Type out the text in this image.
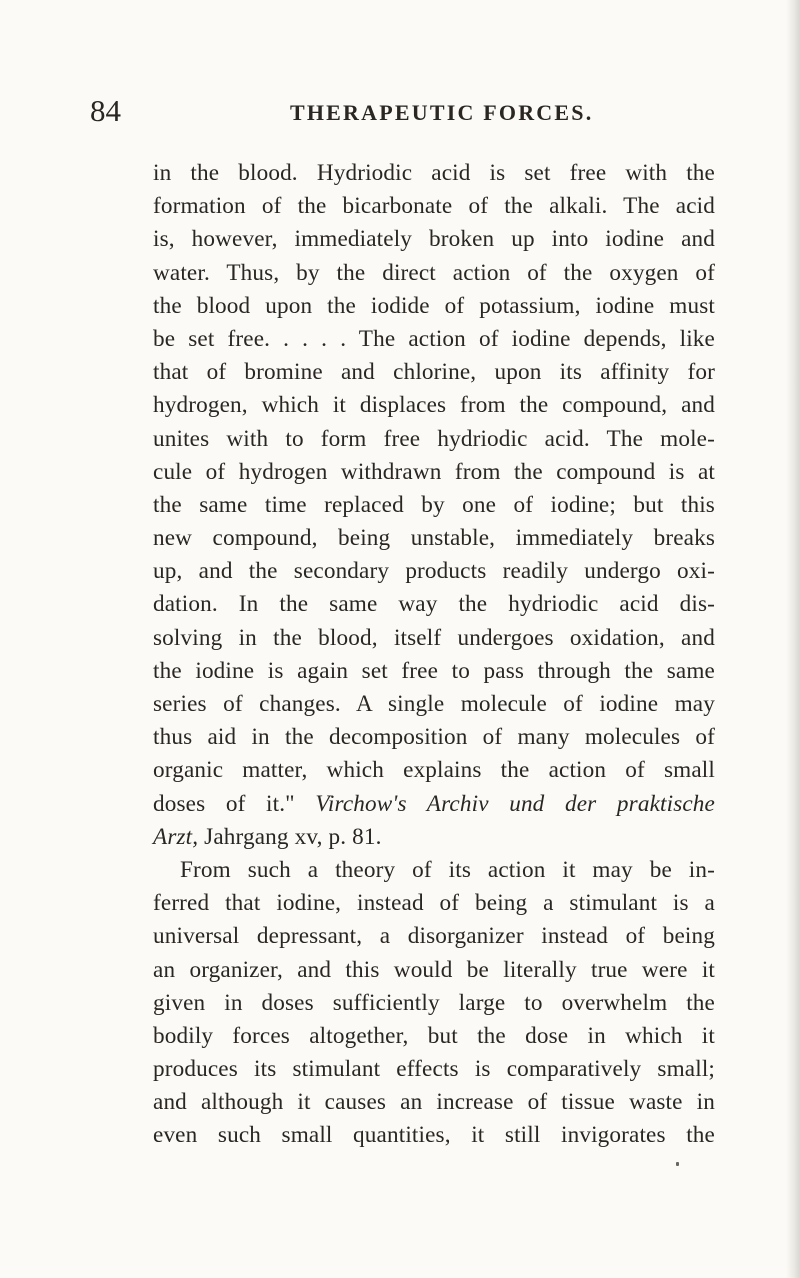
84	THERAPEUTIC FORCES.
in the blood. Hydriodic acid is set free with the
formation of the bicarbonate of the alkali. The acid
is, however, immediately broken up into iodine and
water. Thus, by the direct action of the oxygen of
the blood upon the iodide of potassium, iodine must
be set free. . . . . The action of iodine depends, like
that of bromine and chlorine, upon its affinity for
hydrogen, which it displaces from the compound, and
unites with to form free hydriodic acid. The mole-
cule of hydrogen withdrawn from the compound is at
the same time replaced by one of iodine; but this
new compound, being unstable, immediately breaks
up, and the secondary products readily undergo oxi-
dation. In the same way the hydriodic acid dis-
solving in the blood, itself undergoes oxidation, and
the iodine is again set free to pass through the same
series of changes. A single molecule of iodine may
thus aid in the decomposition of many molecules of
organic matter, which explains the action of small
doses of it." Virchow's Archiv und der praktische
Arzt, Jahrgang xv, p. 81.
From such a theory of its action it may be in-
ferred that iodine, instead of being a stimulant is a
universal depressant, a disorganizer instead of being
an organizer, and this would be literally true were it
given in doses sufficiently large to overwhelm the
bodily forces altogether, but the dose in which it
produces its stimulant effects is comparatively small;
and although it causes an increase of tissue waste in
even such small quantities, it still invigorates the
